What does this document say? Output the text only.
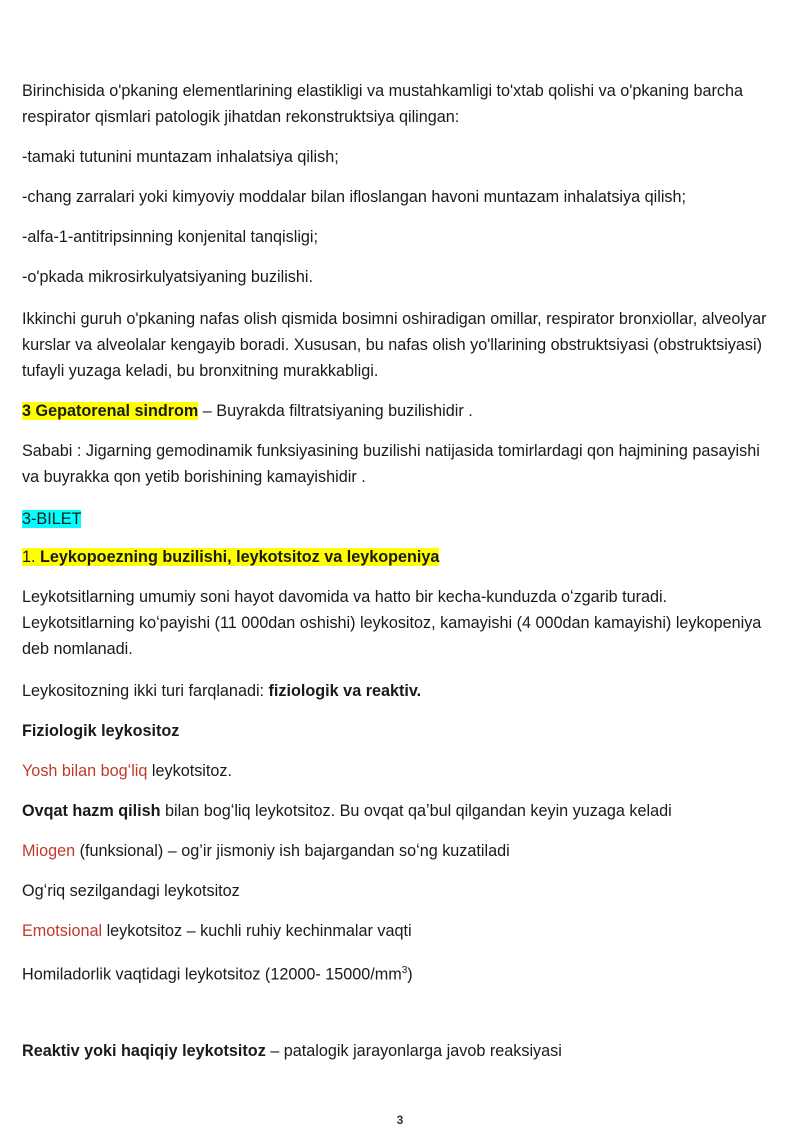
Birinchisida o'pkaning elementlarining elastikligi va mustahkamligi to'xtab qolishi va o'pkaning barcha respirator qismlari patologik jihatdan rekonstruktsiya qilingan:

-tamaki tutunini muntazam inhalatsiya qilish;

-chang zarralari yoki kimyoviy moddalar bilan ifloslangan havoni muntazam inhalatsiya qilish;

-alfa-1-antitripsinning konjenital tanqisligi;

-o'pkada mikrosirkulyatsiyaning buzilishi.

Ikkinchi guruh o'pkaning nafas olish qismida bosimni oshiradigan omillar, respirator bronxiollar, alveolyar kurslar va alveolalar kengayib boradi. Xususan, bu nafas olish yo'llarining obstruktsiyasi (obstruktsiyasi) tufayli yuzaga keladi, bu bronxitning murakkabligi.

3 Gepatorenal sindrom – Buyrakda filtratsiyaning buzilishidir .

Sababi : Jigarning gemodinamik funksiyasining buzilishi natijasida tomirlardagi qon hajmining pasayishi va buyrakka qon yetib borishining kamayishidir .

3-BILET

1. Leykopoezning buzilishi, leykotsitoz va leykopeniya

Leykotsitlarning umumiy soni hayot davomida va hatto bir kecha-kunduzda oʻzgarib turadi. Leykotsitlarning koʻpayishi (11 000dan oshishi) leykositoz, kamayishi (4 000dan kamayishi) leykopeniya deb nomlanadi.

Leykositozning ikki turi farqlanadi: fiziologik va reaktiv.

Fiziologik leykositoz

Yosh bilan bogʻliq leykotsitoz.

Ovqat hazm qilish bilan bogʻliq leykotsitoz. Bu ovqat qaʼbul qilgandan keyin yuzaga keladi

Miogen (funksional) – og’ir jismoniy ish bajargandan soʻng kuzatiladi

Ogʻriq sezilgandagi leykotsitoz

Emotsional leykotsitoz – kuchli ruhiy kechinmalar vaqti

Homiladorlik vaqtidagi leykotsitoz (12000- $15000/mm^3$)

Reaktiv yoki haqiqiy leykotsitoz – patalogik jarayonlarga javob reaksiyasi

3
